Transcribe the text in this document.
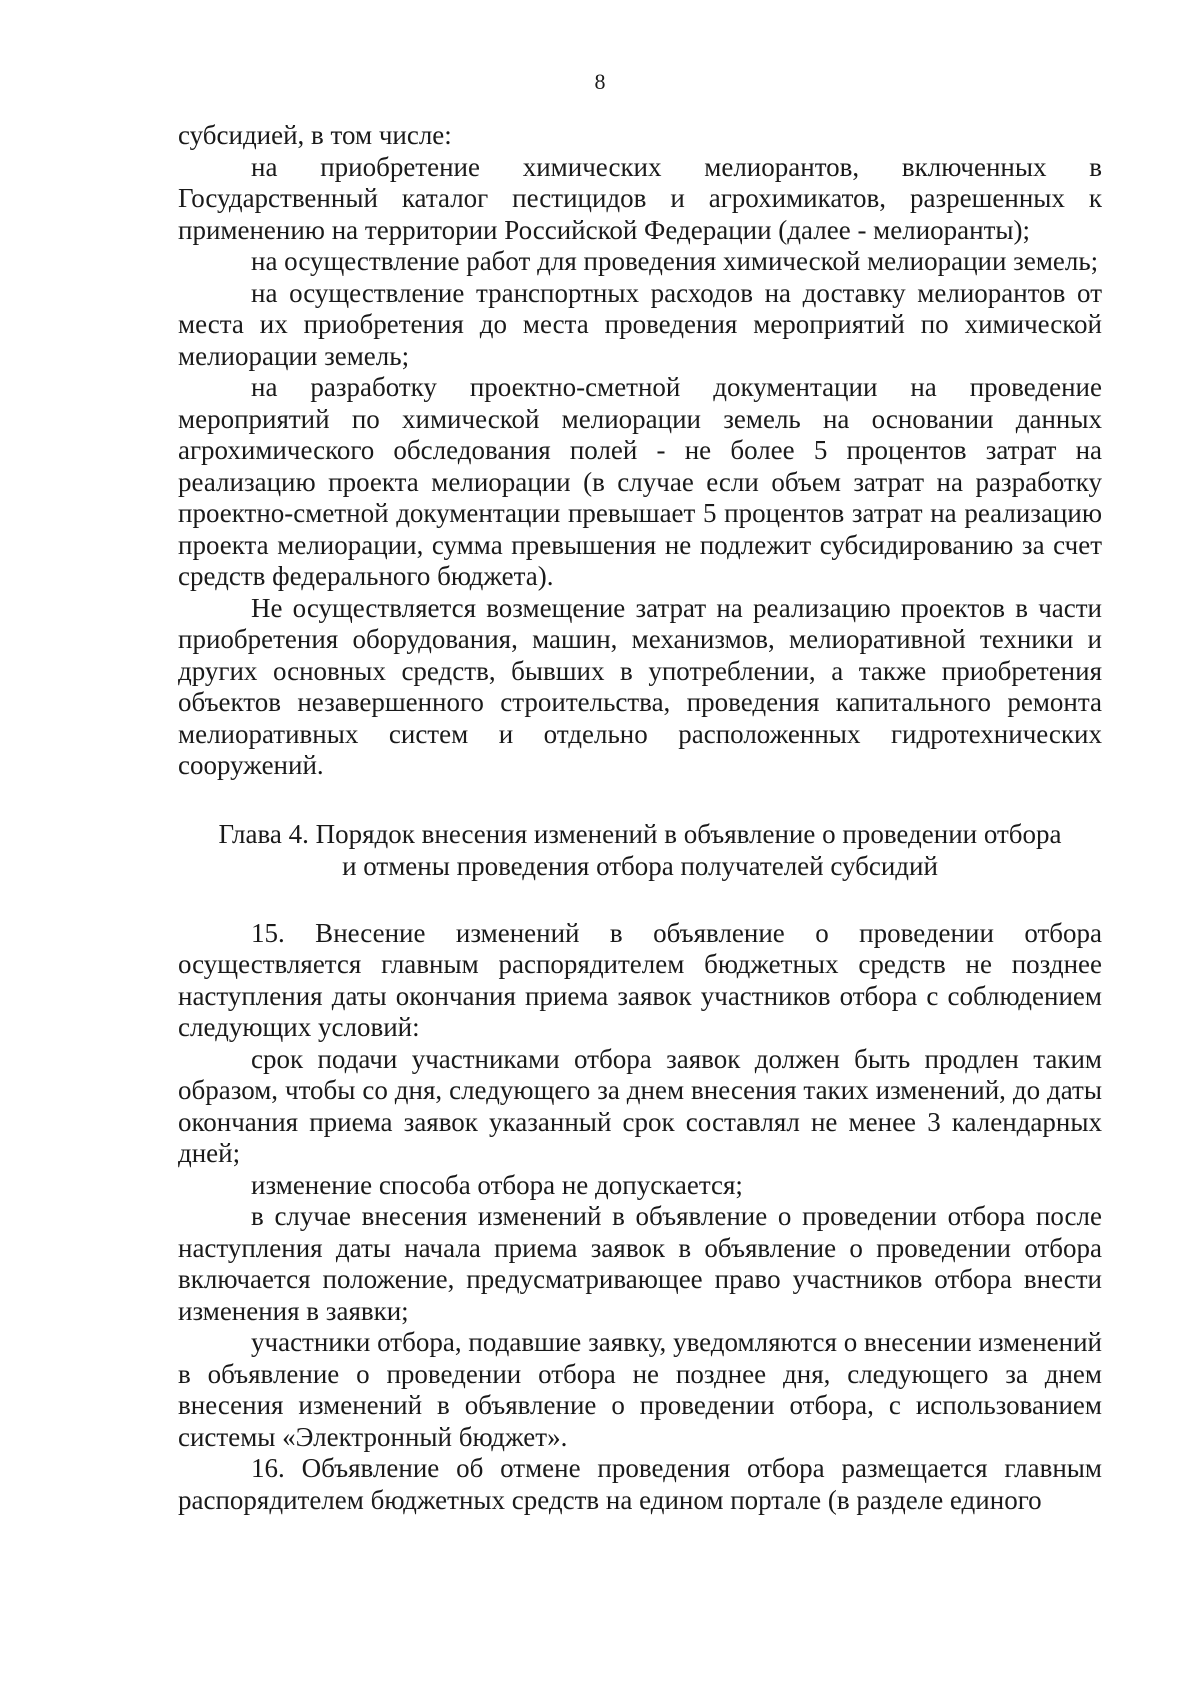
8

субсидией, в том числе:

на приобретение химических мелиорантов, включенных в Государственный каталог пестицидов и агрохимикатов, разрешенных к применению на территории Российской Федерации (далее - мелиоранты);

на осуществление работ для проведения химической мелиорации земель;

на осуществление транспортных расходов на доставку мелиорантов от места их приобретения до места проведения мероприятий по химической мелиорации земель;

на разработку проектно-сметной документации на проведение мероприятий по химической мелиорации земель на основании данных агрохимического обследования полей - не более 5 процентов затрат на реализацию проекта мелиорации (в случае если объем затрат на разработку проектно-сметной документации превышает 5 процентов затрат на реализацию проекта мелиорации, сумма превышения не подлежит субсидированию за счет средств федерального бюджета).

Не осуществляется возмещение затрат на реализацию проектов в части приобретения оборудования, машин, механизмов, мелиоративной техники и других основных средств, бывших в употреблении, а также приобретения объектов незавершенного строительства, проведения капитального ремонта мелиоративных систем и отдельно расположенных гидротехнических сооружений.

Глава 4. Порядок внесения изменений в объявление о проведении отбора
и отмены проведения отбора получателей субсидий

15. Внесение изменений в объявление о проведении отбора осуществляется главным распорядителем бюджетных средств не позднее наступления даты окончания приема заявок участников отбора с соблюдением следующих условий:

срок подачи участниками отбора заявок должен быть продлен таким образом, чтобы со дня, следующего за днем внесения таких изменений, до даты окончания приема заявок указанный срок составлял не менее 3 календарных дней;

изменение способа отбора не допускается;

в случае внесения изменений в объявление о проведении отбора после наступления даты начала приема заявок в объявление о проведении отбора включается положение, предусматривающее право участников отбора внести изменения в заявки;

участники отбора, подавшие заявку, уведомляются о внесении изменений в объявление о проведении отбора не позднее дня, следующего за днем внесения изменений в объявление о проведении отбора, с использованием системы «Электронный бюджет».

16. Объявление об отмене проведения отбора размещается главным распорядителем бюджетных средств на едином портале (в разделе единого
